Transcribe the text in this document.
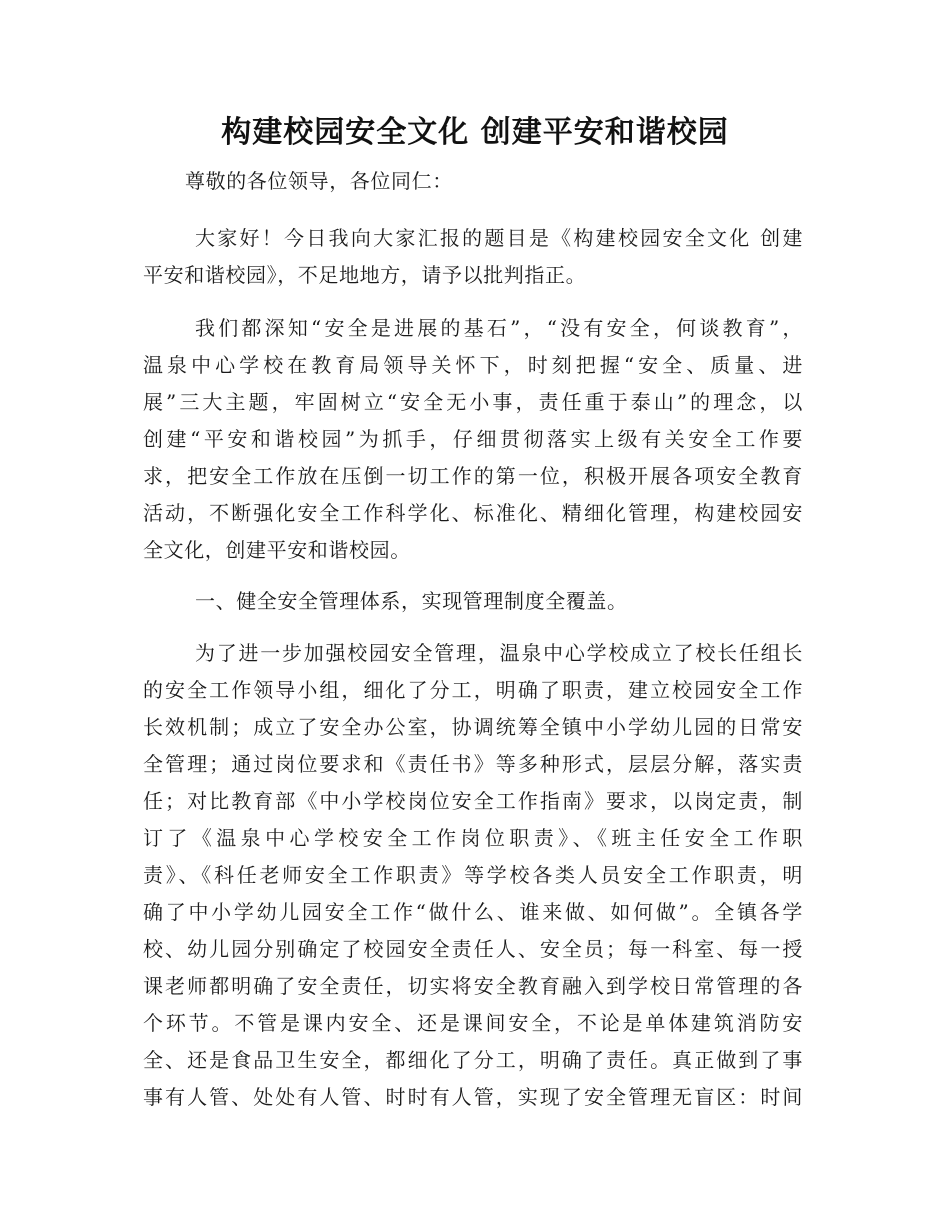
构建校园安全文化 创建平安和谐校园

尊敬的各位领导，各位同仁：

大家好！今日我向大家汇报的题目是《构建校园安全文化 创建
平安和谐校园》，不足地地方，请予以批判指正。

我们都深知“安全是进展的基石”，“没有安全，何谈教育”，
温泉中心学校在教育局领导关怀下，时刻把握“安全、质量、进
展”三大主题，牢固树立“安全无小事，责任重于泰山”的理念，以
创建“平安和谐校园”为抓手，仔细贯彻落实上级有关安全工作要
求，把安全工作放在压倒一切工作的第一位，积极开展各项安全教育
活动，不断强化安全工作科学化、标准化、精细化管理，构建校园安
全文化，创建平安和谐校园。

一、健全安全管理体系，实现管理制度全覆盖。

为了进一步加强校园安全管理，温泉中心学校成立了校长任组长
的安全工作领导小组，细化了分工，明确了职责，建立校园安全工作
长效机制；成立了安全办公室，协调统筹全镇中小学幼儿园的日常安
全管理；通过岗位要求和《责任书》等多种形式，层层分解，落实责
任；对比教育部《中小学校岗位安全工作指南》要求，以岗定责，制
订了《温泉中心学校安全工作岗位职责》、《班主任安全工作职
责》、《科任老师安全工作职责》等学校各类人员安全工作职责，明
确了中小学幼儿园安全工作“做什么、谁来做、如何做”。全镇各学
校、幼儿园分别确定了校园安全责任人、安全员；每一科室、每一授
课老师都明确了安全责任，切实将安全教育融入到学校日常管理的各
个环节。不管是课内安全、还是课间安全，不论是单体建筑消防安
全、还是食品卫生安全，都细化了分工，明确了责任。真正做到了事
事有人管、处处有人管、时时有人管，实现了安全管理无盲区：时间
